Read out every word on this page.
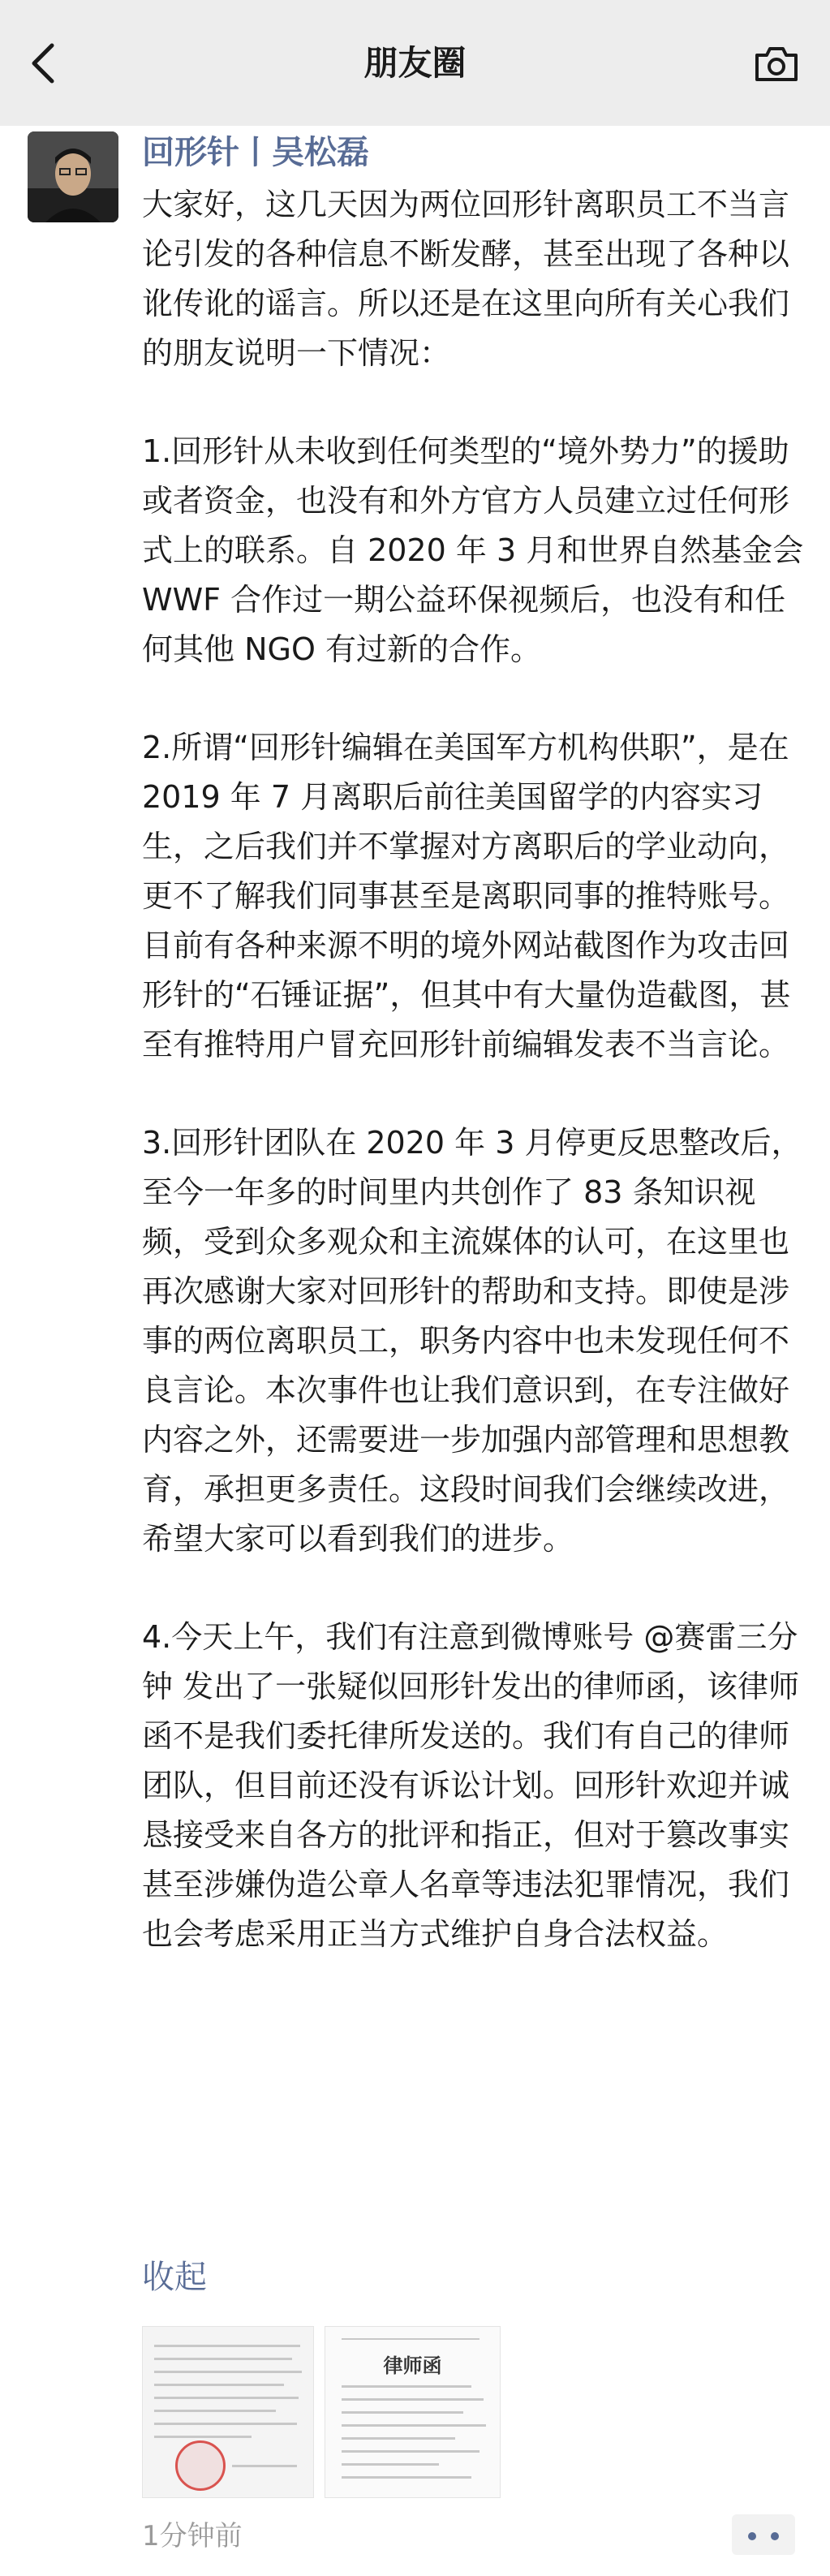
朋友圈
回形针丨吴松磊

大家好，这几天因为两位回形针离职员工不当言论引发的各种信息不断发酵，甚至出现了各种以讹传讹的谣言。所以还是在这里向所有关心我们的朋友说明一下情况：

1.回形针从未收到任何类型的“境外势力”的援助或者资金，也没有和外方官方人员建立过任何形式上的联系。自 2020 年 3 月和世界自然基金会 WWF 合作过一期公益环保视频后，也没有和任何其他 NGO 有过新的合作。

2.所谓“回形针编辑在美国军方机构供职”，是在 2019 年 7 月离职后前往美国留学的内容实习生，之后我们并不掌握对方离职后的学业动向，更不了解我们同事甚至是离职同事的推特账号。目前有各种来源不明的境外网站截图作为攻击回形针的“石锤证据”，但其中有大量伪造截图，甚至有推特用户冒充回形针前编辑发表不当言论。

3.回形针团队在 2020 年 3 月停更反思整改后，至今一年多的时间里内共创作了 83 条知识视频，受到众多观众和主流媒体的认可，在这里也再次感谢大家对回形针的帮助和支持。即使是涉事的两位离职员工，职务内容中也未发现任何不良言论。本次事件也让我们意识到，在专注做好内容之外，还需要进一步加强内部管理和思想教育，承担更多责任。这段时间我们会继续改进，希望大家可以看到我们的进步。

4.今天上午，我们有注意到微博账号 @赛雷三分钟 发出了一张疑似回形针发出的律师函，该律师函不是我们委托律所发送的。我们有自己的律师团队，但目前还没有诉讼计划。回形针欢迎并诚恳接受来自各方的批评和指正，但对于篡改事实甚至涉嫌伪造公章人名章等违法犯罪情况，我们也会考虑采用正当方式维护自身合法权益。

收起
律师函
1分钟前
